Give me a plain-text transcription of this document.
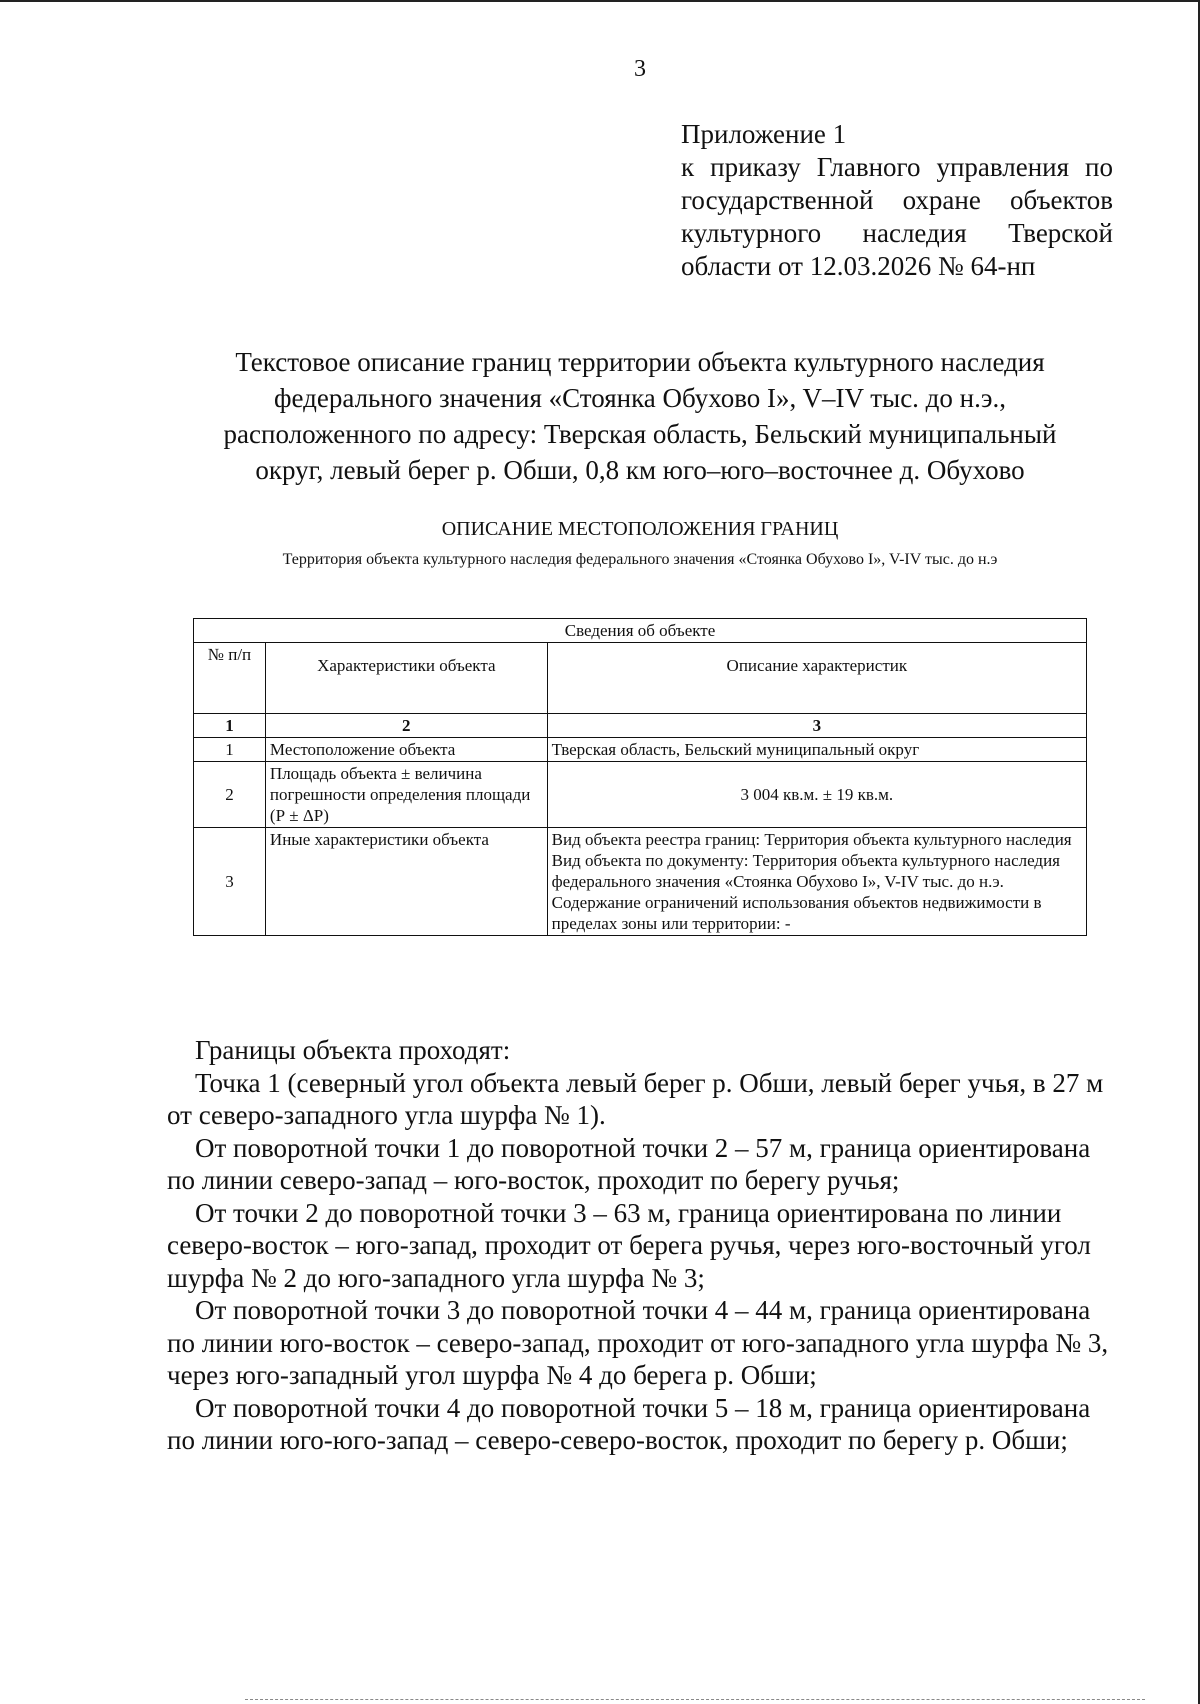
3
Приложение 1
к приказу Главного управления по
государственной охране объектов
культурного наследия Тверской
области от 12.03.2026 № 64-нп
Текстовое описание границ территории объекта культурного наследия
федерального значения «Стоянка Обухово I», V–IV тыс. до н.э.,
расположенного по адресу: Тверская область, Бельский муниципальный
округ, левый берег р. Обши, 0,8 км юго–юго–восточнее д. Обухово
ОПИСАНИЕ МЕСТОПОЛОЖЕНИЯ ГРАНИЦ
Территория объекта культурного наследия федерального значения «Стоянка Обухово I», V-IV тыс. до н.э
Сведения об объекте		
№ п/п	Характеристики объекта	Описание характеристик
1	2	3
1	Местоположение объекта	Тверская область, Бельский муниципальный округ
2	Площадь объекта ± величина погрешности определения площади (Р ± ΔР)	3 004 кв.м. ± 19 кв.м.
3	Иные характеристики объекта	Вид объекта реестра границ: Территория объекта культурного наследия
Вид объекта по документу: Территория объекта культурного наследия федерального значения «Стоянка Обухово I», V-IV тыс. до н.э.
Содержание ограничений использования объектов недвижимости в пределах зоны или территории: -

Границы объекта проходят:

Точка 1 (северный угол объекта левый берег р. Обши, левый берег учья, в 27 м от северо-западного угла шурфа № 1).

От поворотной точки 1 до поворотной точки 2 – 57 м, граница ориентирована по линии северо-запад – юго-восток, проходит по берегу ручья;

От точки 2 до поворотной точки 3 – 63 м, граница ориентирована по линии северо-восток – юго-запад, проходит от берега ручья, через юго-восточный угол шурфа № 2 до юго-западного угла шурфа № 3;

От поворотной точки 3 до поворотной точки 4 – 44 м, граница ориентирована по линии юго-восток – северо-запад, проходит от юго-западного угла шурфа № 3, через юго-западный угол шурфа № 4 до берега р. Обши;

От поворотной точки 4 до поворотной точки 5 – 18 м, граница ориентирована по линии юго-юго-запад – северо-северо-восток, проходит по берегу р. Обши;
